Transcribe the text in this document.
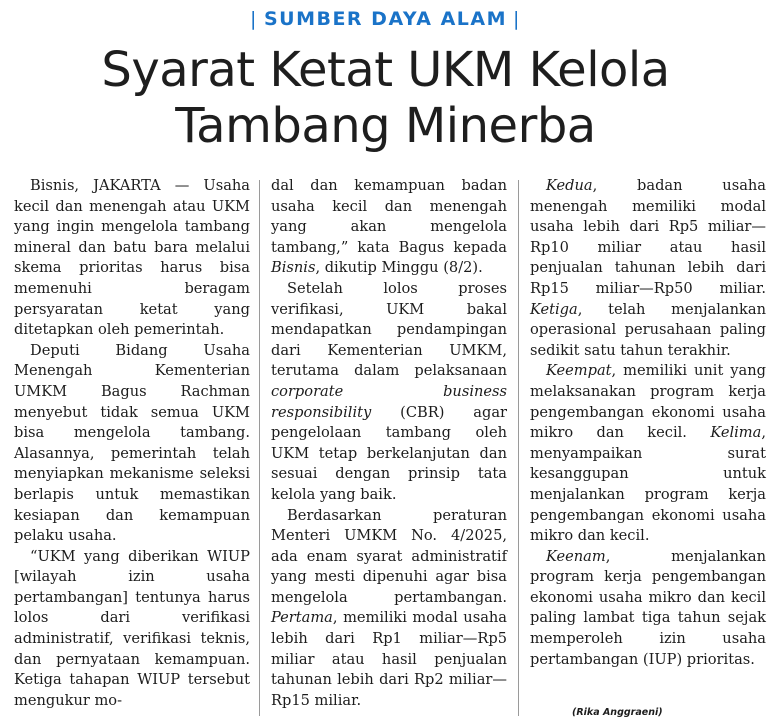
| SUMBER DAYA ALAM |
Syarat Ketat UKM Kelola
Tambang Minerba

Bisnis, JAKARTA — Usaha kecil dan menengah atau UKM yang ingin mengelola tambang mineral dan batu bara melalui skema prioritas harus bisa memenuhi beragam persyaratan ketat yang ditetapkan oleh pemerintah.

Deputi Bidang Usaha Menengah Kementerian UMKM Bagus Rachman menyebut tidak semua UKM bisa mengelola tambang. Alasannya, pemerintah telah menyiapkan mekanisme seleksi berlapis untuk memastikan kesiapan dan kemampuan pelaku usaha.

“UKM yang diberikan WIUP [wilayah izin usaha pertambangan] tentunya harus lolos dari verifikasi administratif, verifikasi teknis, dan pernyataan kemampuan. Ketiga tahapan WIUP tersebut mengukur mo-

dal dan kemampuan badan usaha kecil dan menengah yang akan mengelola tambang,” kata Bagus kepada Bisnis, dikutip Minggu (8/2).

Setelah lolos proses verifikasi, UKM bakal mendapatkan pendampingan dari Kementerian UMKM, terutama dalam pelaksanaan corporate business responsibility (CBR) agar pengelolaan tambang oleh UKM tetap berkelanjutan dan sesuai dengan prinsip tata kelola yang baik.

Berdasarkan peraturan Menteri UMKM No. 4/2025, ada enam syarat administratif yang mesti dipenuhi agar bisa mengelola pertambangan. Pertama, memiliki modal usaha lebih dari Rp1 miliar—Rp5 miliar atau hasil penjualan tahunan lebih dari Rp2 miliar—Rp15 miliar.

Kedua, badan usaha menengah memiliki modal usaha lebih dari Rp5 miliar—Rp10 miliar atau hasil penjualan tahunan lebih dari Rp15 miliar—Rp50 miliar. Ketiga, telah menjalankan operasional perusahaan paling sedikit satu tahun terakhir.

Keempat, memiliki unit yang melaksanakan program kerja pengembangan ekonomi usaha mikro dan kecil. Kelima, menyampaikan surat kesanggupan untuk menjalankan program kerja pengembangan ekonomi usaha mikro dan kecil.

Keenam, menjalankan program kerja pengembangan ekonomi usaha mikro dan kecil paling lambat tiga tahun sejak memperoleh izin usaha pertambangan (IUP) prioritas.

(Rika Anggraeni)
